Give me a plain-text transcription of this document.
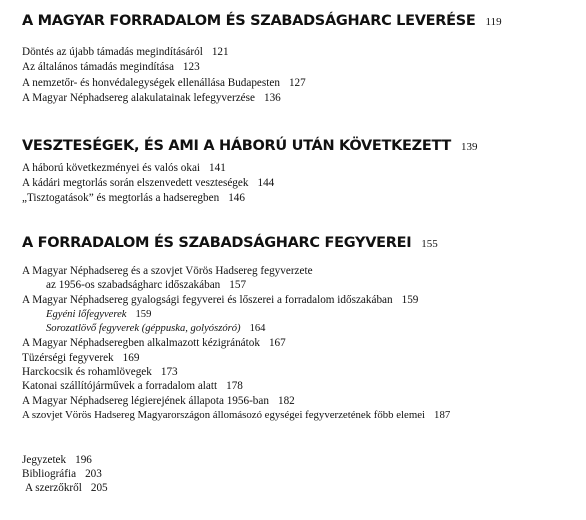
A MAGYAR FORRADALOM ÉS SZABADSÁGHARC LEVERÉSE 119
Döntés az újabb támadás megindításáról 121
Az általános támadás megindítása 123
A nemzetőr- és honvédalegységek ellenállása Budapesten 127
A Magyar Néphadsereg alakulatainak lefegyverzése 136
VESZTESÉGEK, ÉS AMI A HÁBORÚ UTÁN KÖVETKEZETT 139
A háború következményei és valós okai 141
A kádári megtorlás során elszenvedett veszteségek 144
„Tisztogatások” és megtorlás a hadseregben 146
A FORRADALOM ÉS SZABADSÁGHARC FEGYVEREI 155
A Magyar Néphadsereg és a szovjet Vörös Hadsereg fegyverzete
az 1956-os szabadságharc időszakában 157
A Magyar Néphadsereg gyalogsági fegyverei és lőszerei a forradalom időszakában 159
Egyéni lőfegyverek 159
Sorozatlövő fegyverek (géppuska, golyószóró) 164
A Magyar Néphadseregben alkalmazott kézigránátok 167
Tüzérségi fegyverek 169
Harckocsik és rohamlövegek 173
Katonai szállítójárművek a forradalom alatt 178
A Magyar Néphadsereg légierejének állapota 1956-ban 182
A szovjet Vörös Hadsereg Magyarországon állomásozó egységei fegyverzetének főbb elemei 187
Jegyzetek 196
Bibliográfia 203
A szerzőkről 205
